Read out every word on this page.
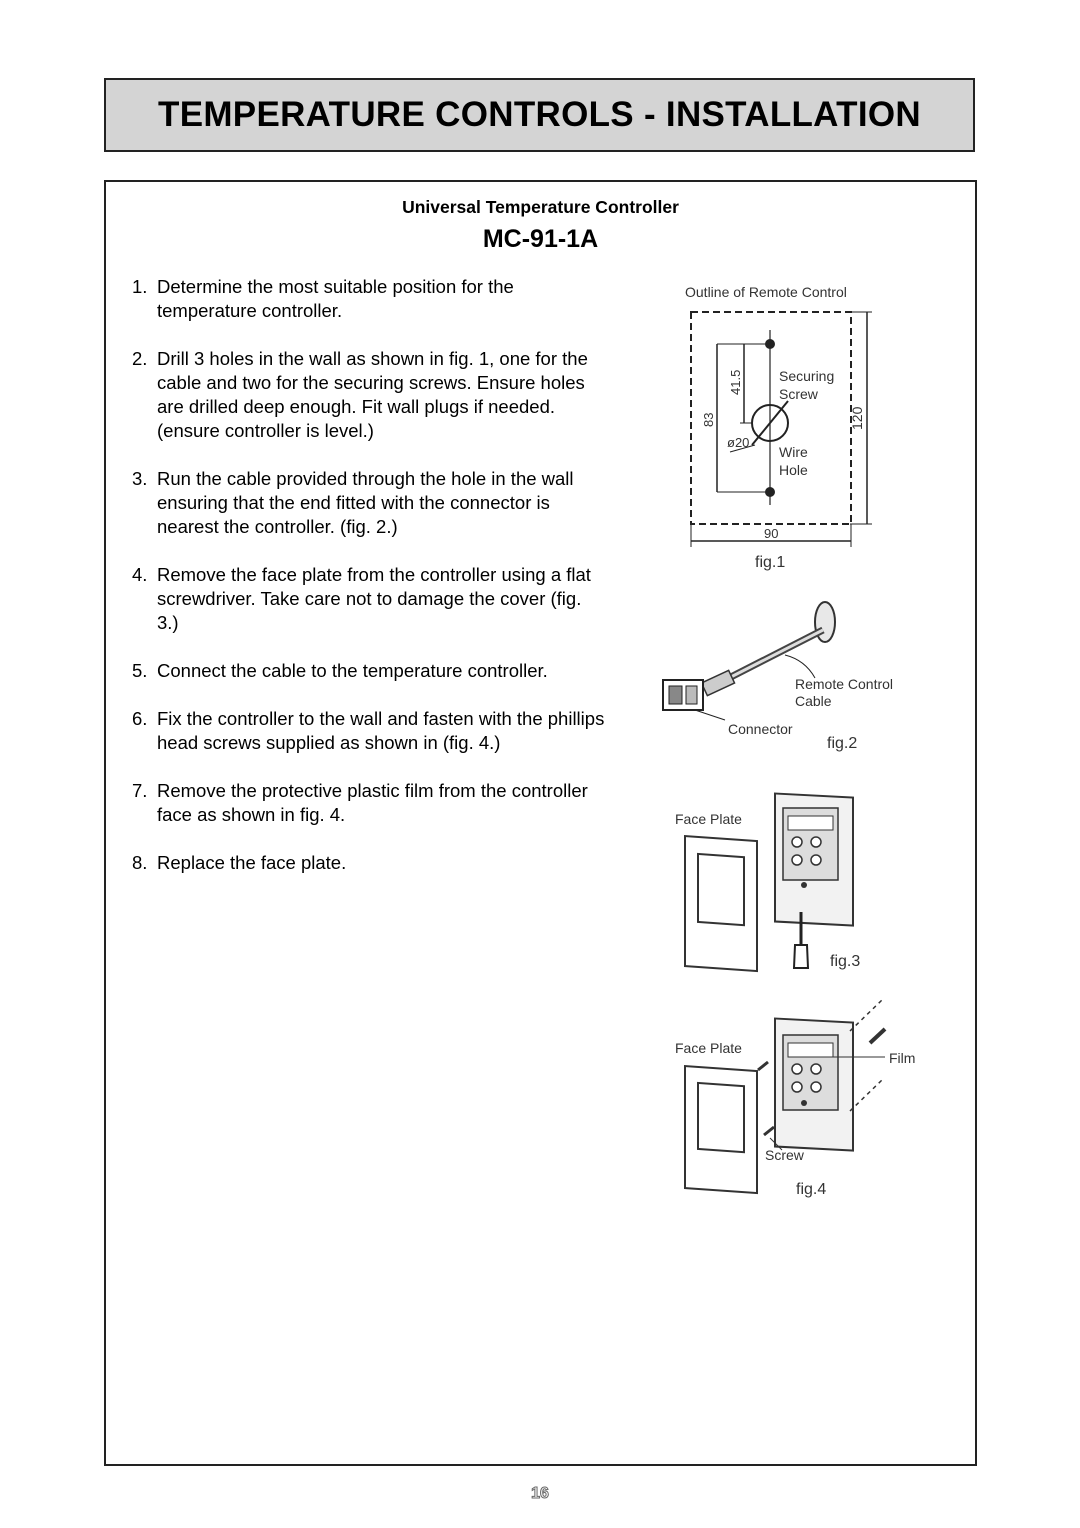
TEMPERATURE CONTROLS - INSTALLATION
Universal Temperature Controller
MC-91-1A
1. Determine the most suitable position for the temperature controller.
2. Drill 3 holes in the wall as shown in fig. 1, one for the cable and two for the securing screws. Ensure holes are drilled deep enough. Fit wall plugs if needed. (ensure controller is level.)
3. Run the cable provided through the hole in the wall ensuring that the end fitted with the connector is nearest the controller. (fig. 2.)
4. Remove the face plate from the controller using a flat screwdriver. Take care not to damage the cover (fig. 3.)
5. Connect the cable to the temperature controller.
6. Fix the controller to the wall and fasten with the phillips head screws supplied as shown in (fig. 4.)
7. Remove the protective plastic film from the controller face as shown in fig. 4.
8. Replace the face plate.
Outline of Remote Control
120
90
fig.1
83
41.5
ø20
Securing
Screw
Wire
Hole
Remote Control
Cable
Connector
fig.2
Face Plate
fig.3
Face Plate
Film
Screw
fig.4
16
